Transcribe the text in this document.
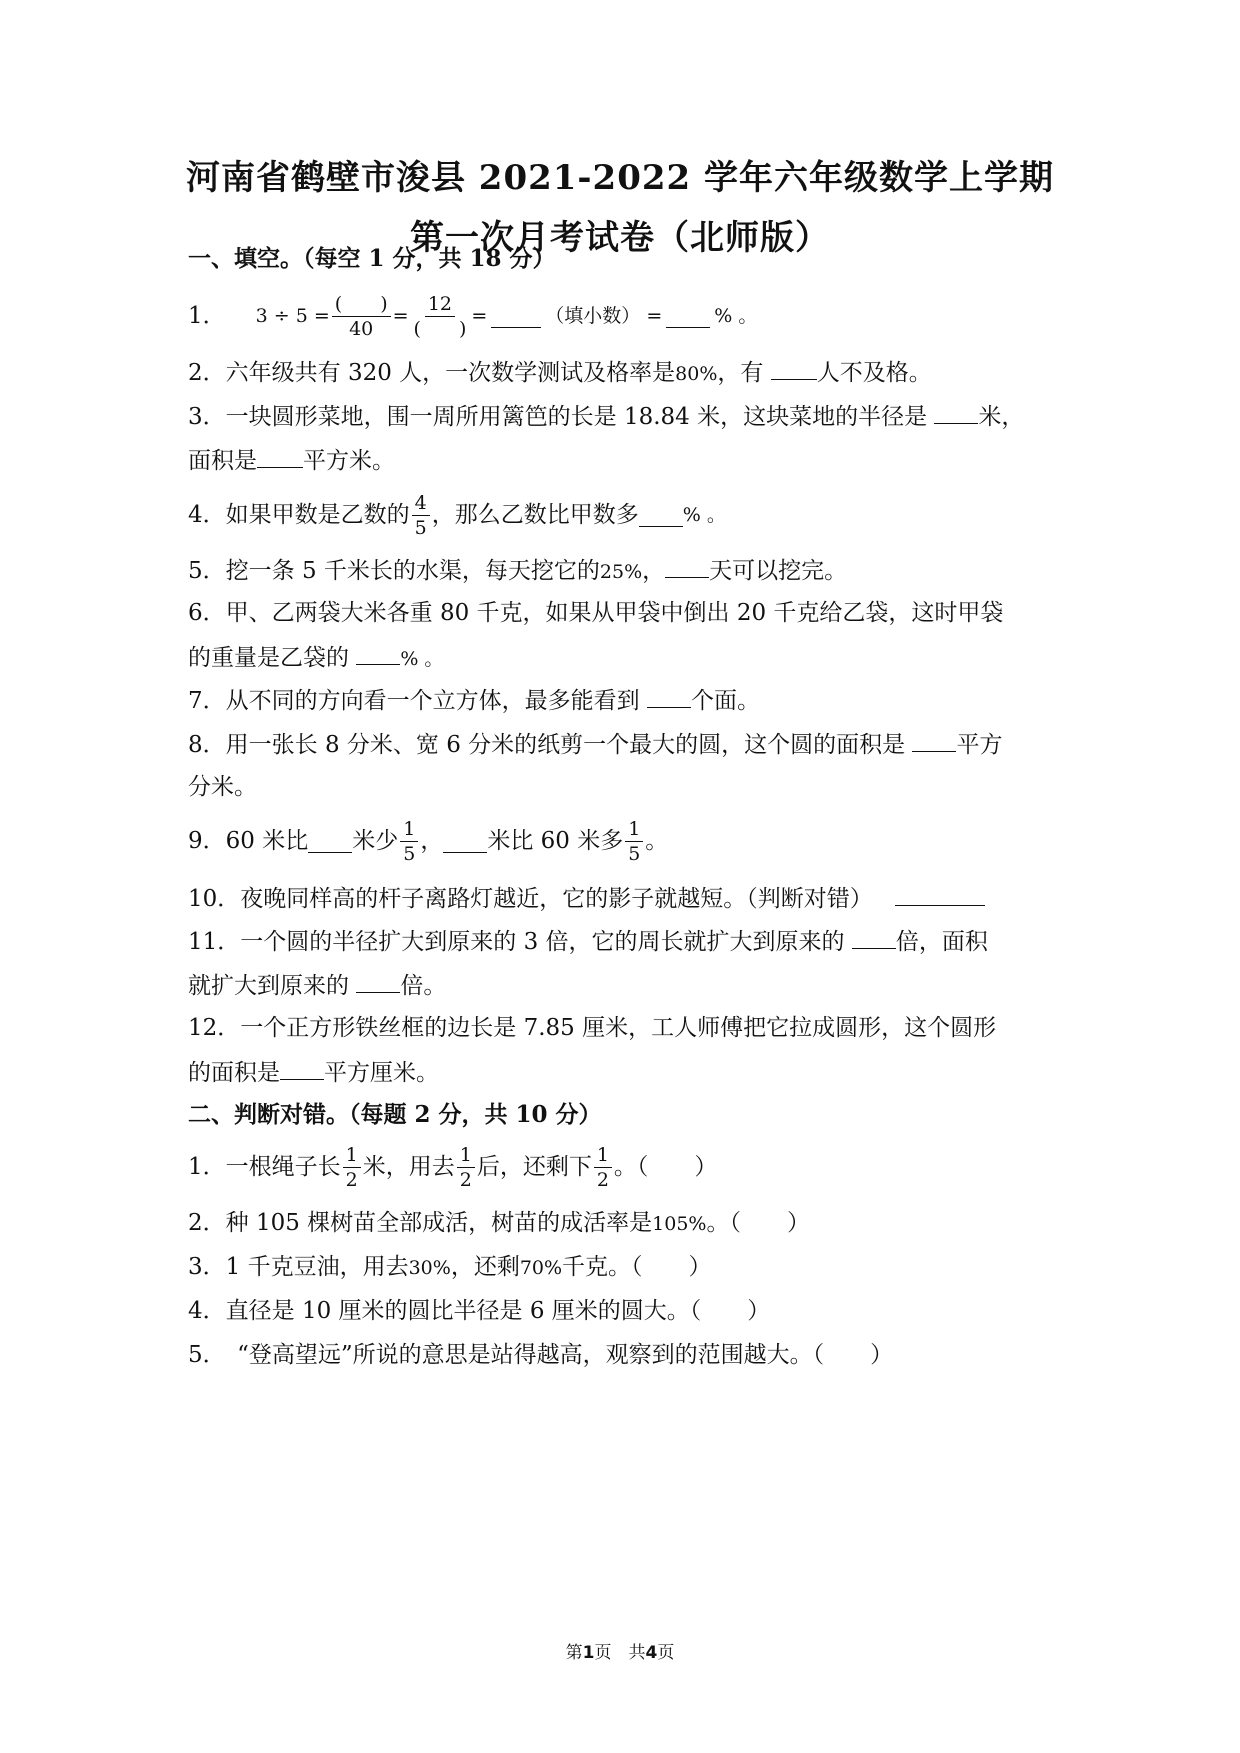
河南省鹤壁市浚县 2021-2022 学年六年级数学上学期
第一次月考试卷（北师版）
一、填空。（每空 1 分，共 18 分）
1． $3 \div 5 = \frac{( )}{40} = \frac{12}{( )}$ =	（填小数） =	% 。
2．六年级共有 320 人，一次数学测试及格率是80%，有 人不及格。
3．一块圆形菜地，围一周所用篱笆的长是 18.84 米，这块菜地的半径是 米，
面积是 平方米。
4．如果甲数是乙数的 $\frac{4}{5}$ ，那么乙数比甲数多 % 。
5．挖一条 5 千米长的水渠，每天挖它的25%， 天可以挖完。
6．甲、乙两袋大米各重 80 千克，如果从甲袋中倒出 20 千克给乙袋，这时甲袋
的重量是乙袋的 % 。
7．从不同的方向看一个立方体，最多能看到 个面。
8．用一张长 8 分米、宽 6 分米的纸剪一个最大的圆，这个圆的面积是 平方
分米。
9．60 米比 米少 $\frac{1}{5}$ ， 米比 60 米多 $\frac{1}{5}$ 。
10．夜晚同样高的杆子离路灯越近，它的影子就越短。（判断对错）
11．一个圆的半径扩大到原来的 3 倍，它的周长就扩大到原来的 倍，面积
就扩大到原来的 倍。
12．一个正方形铁丝框的边长是 7.85 厘米，工人师傅把它拉成圆形，这个圆形
的面积是 平方厘米。
二、判断对错。（每题 2 分，共 10 分）
1．一根绳子长 $\frac{1}{2}$ 米，用去 $\frac{1}{2}$ 后，还剩下 $\frac{1}{2}$ 。（　　）
2．种 105 棵树苗全部成活，树苗的成活率是105%。（　　）
3．1 千克豆油，用去30%，还剩70%千克。（　　）
4．直径是 10 厘米的圆比半径是 6 厘米的圆大。（　　）
5．　“登高望远”所说的意思是站得越高，观察到的范围越大。（　　）
第1页　共4页
